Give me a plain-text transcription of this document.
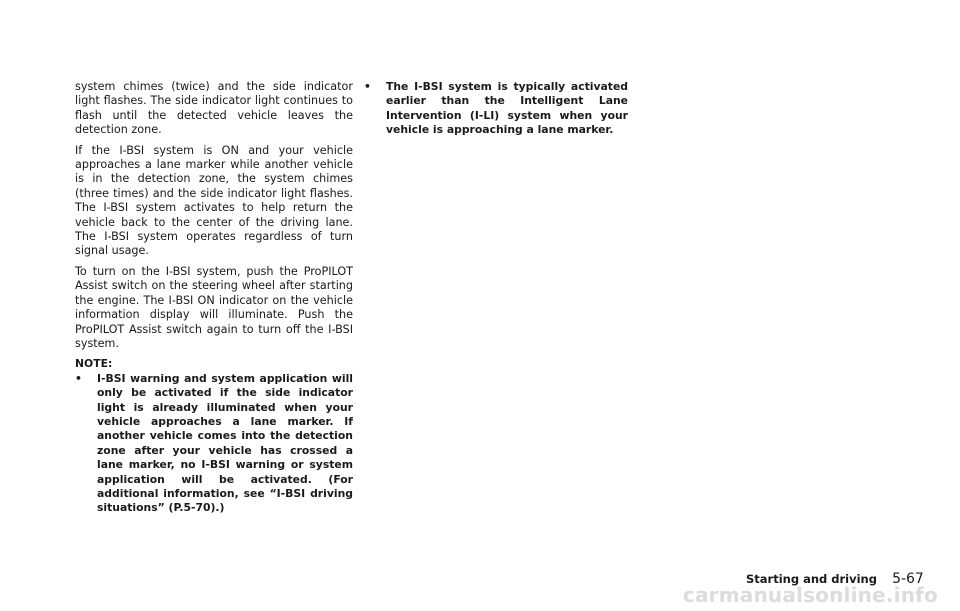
system chimes (twice) and the side indicator light flashes. The side indicator light continues to flash until the detected vehicle leaves the detection zone.

If the I-BSI system is ON and your vehicle approaches a lane marker while another vehicle is in the detection zone, the system chimes (three times) and the side indicator light flashes. The I-BSI system activates to help return the vehicle back to the center of the driving lane. The I-BSI system operates regardless of turn signal usage.

To turn on the I-BSI system, push the ProPILOT Assist switch on the steering wheel after starting the engine. The I-BSI ON indicator on the vehicle information display will illuminate. Push the ProPILOT Assist switch again to turn off the I-BSI system.

NOTE:

• I-BSI warning and system application will only be activated if the side indicator light is already illuminated when your vehicle approaches a lane marker. If another vehicle comes into the detection zone after your vehicle has crossed a lane marker, no I-BSI warning or system application will be activated. (For additional information, see “I-BSI driving situations” (P.5-70).)
• The I-BSI system is typically activated earlier than the Intelligent Lane Intervention (I-LI) system when your vehicle is approaching a lane marker.
Starting and driving 5-67
carmanualsonline.info
